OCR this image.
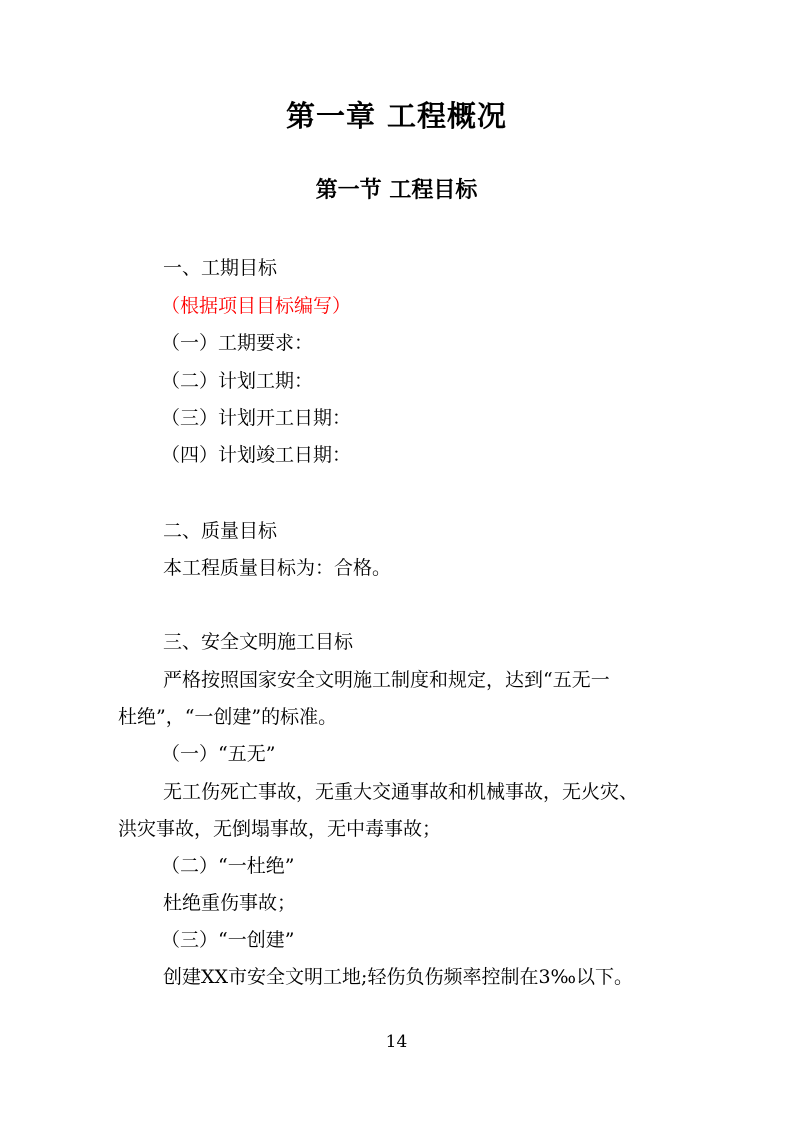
第一章 工程概况
第一节 工程目标
一、工期目标
（根据项目目标编写）
（一）工期要求：
（二）计划工期：
（三）计划开工日期：
（四）计划竣工日期：
二、质量目标
本工程质量目标为：合格。
三、安全文明施工目标
严格按照国家安全文明施工制度和规定，达到“五无一
杜绝”，“一创建”的标准。
（一）“五无”
无工伤死亡事故，无重大交通事故和机械事故，无火灾、
洪灾事故，无倒塌事故，无中毒事故；
（二）“一杜绝”
杜绝重伤事故；
（三）“一创建”
创建XX市安全文明工地;轻伤负伤频率控制在3‰以下。
14
